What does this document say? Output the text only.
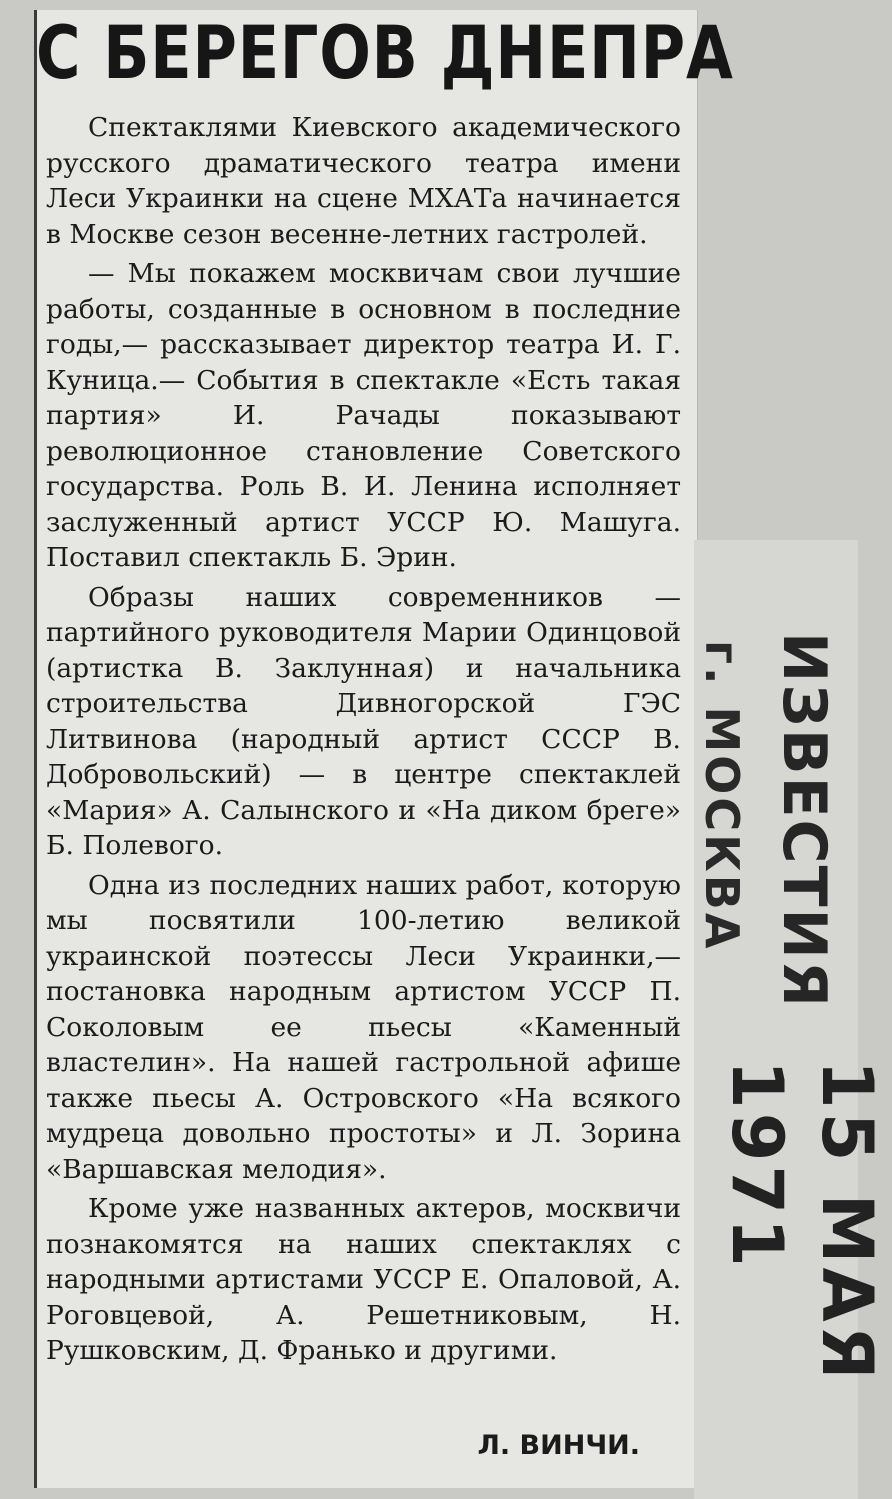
С БЕРЕГОВ ДНЕПРА

Спектаклями Киевского академического русского драматического театра имени Леси Украинки на сцене МХАТа начинается в Москве сезон весенне-летних гастролей.

— Мы покажем москвичам свои лучшие работы, созданные в основном в последние годы,— рассказывает директор театра И. Г. Куница.— События в спектакле «Есть такая партия» И. Рачады показывают революционное становление Советского государства. Роль В. И. Ленина исполняет заслуженный артист УССР Ю. Машуга. Поставил спектакль Б. Эрин.

Образы наших современников — партийного руководителя Марии Одинцовой (артистка В. Заклунная) и начальника строительства Дивногорской ГЭС Литвинова (народный артист СССР В. Добровольский) — в центре спектаклей «Мария» А. Салынского и «На диком бреге» Б. Полевого.

Одна из последних наших работ, которую мы посвятили 100-летию великой украинской поэтессы Леси Украинки,— постановка народным артистом УССР П. Соколовым ее пьесы «Каменный властелин». На нашей гастрольной афише также пьесы А. Островского «На всякого мудреца довольно простоты» и Л. Зорина «Варшавская мелодия».

Кроме уже названных актеров, москвичи познакомятся на наших спектаклях с народными артистами УССР Е. Опаловой, А. Роговцевой, А. Решетниковым, Н. Рушковским, Д. Франько и другими.

Л. ВИНЧИ.
ИЗВЕСТИЯ
г. МОСКВА
15 МАЯ 1971
